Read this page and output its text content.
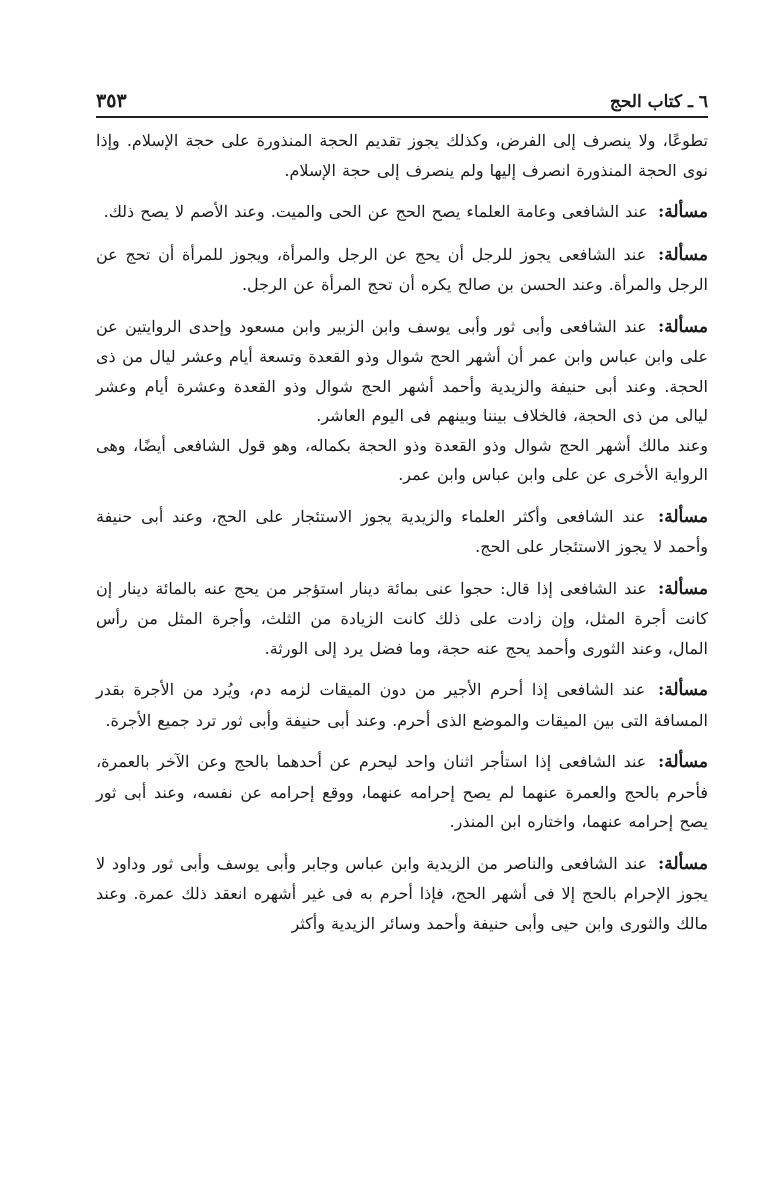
٦ ـ كتاب الحج
٣٥٣

تطوعًا، ولا ينصرف إلى الفرض، وكذلك يجوز تقديم الحجة المنذورة على حجة الإسلام. وإذا نوى الحجة المنذورة انصرف إليها ولم ينصرف إلى حجة الإسلام.

مسألة: عند الشافعى وعامة العلماء يصح الحج عن الحى والميت. وعند الأصم لا يصح ذلك.

مسألة: عند الشافعى يجوز للرجل أن يحج عن الرجل والمرأة، ويجوز للمرأة أن تحج عن الرجل والمرأة. وعند الحسن بن صالح يكره أن تحج المرأة عن الرجل.

مسألة: عند الشافعى وأبى ثور وأبى يوسف وابن الزبير وابن مسعود وإحدى الروايتين عن على وابن عباس وابن عمر أن أشهر الحج شوال وذو القعدة وتسعة أيام وعشر ليال من ذى الحجة. وعند أبى حنيفة والزيدية وأحمد أشهر الحج شوال وذو القعدة وعشرة أيام وعشر ليالى من ذى الحجة، فالخلاف بيننا وبينهم فى اليوم العاشر.

وعند مالك أشهر الحج شوال وذو القعدة وذو الحجة بكماله، وهو قول الشافعى أيضًا، وهى الرواية الأخرى عن على وابن عباس وابن عمر.

مسألة: عند الشافعى وأكثر العلماء والزيدية يجوز الاستئجار على الحج، وعند أبى حنيفة وأحمد لا يجوز الاستئجار على الحج.

مسألة: عند الشافعى إذا قال: حجوا عنى بمائة دينار استؤجر من يحج عنه بالمائة دينار إن كانت أجرة المثل، وإن زادت على ذلك كانت الزيادة من الثلث، وأجرة المثل من رأس المال، وعند الثورى وأحمد يحج عنه حجة، وما فضل يرد إلى الورثة.

مسألة: عند الشافعى إذا أحرم الأجير من دون الميقات لزمه دم، ويُرد من الأجرة بقدر المسافة التى بين الميقات والموضع الذى أحرم. وعند أبى حنيفة وأبى ثور ترد جميع الأجرة.

مسألة: عند الشافعى إذا استأجر اثنان واحد ليحرم عن أحدهما بالحج وعن الآخر بالعمرة، فأحرم بالحج والعمرة عنهما لم يصح إحرامه عنهما، ووقع إحرامه عن نفسه، وعند أبى ثور يصح إحرامه عنهما، واختاره ابن المنذر.

مسألة: عند الشافعى والناصر من الزيدية وابن عباس وجابر وأبى يوسف وأبى ثور وداود لا يجوز الإحرام بالحج إلا فى أشهر الحج، فإذا أحرم به فى غير أشهره انعقد ذلك عمرة. وعند مالك والثورى وابن حيى وأبى حنيفة وأحمد وسائر الزيدية وأكثر
